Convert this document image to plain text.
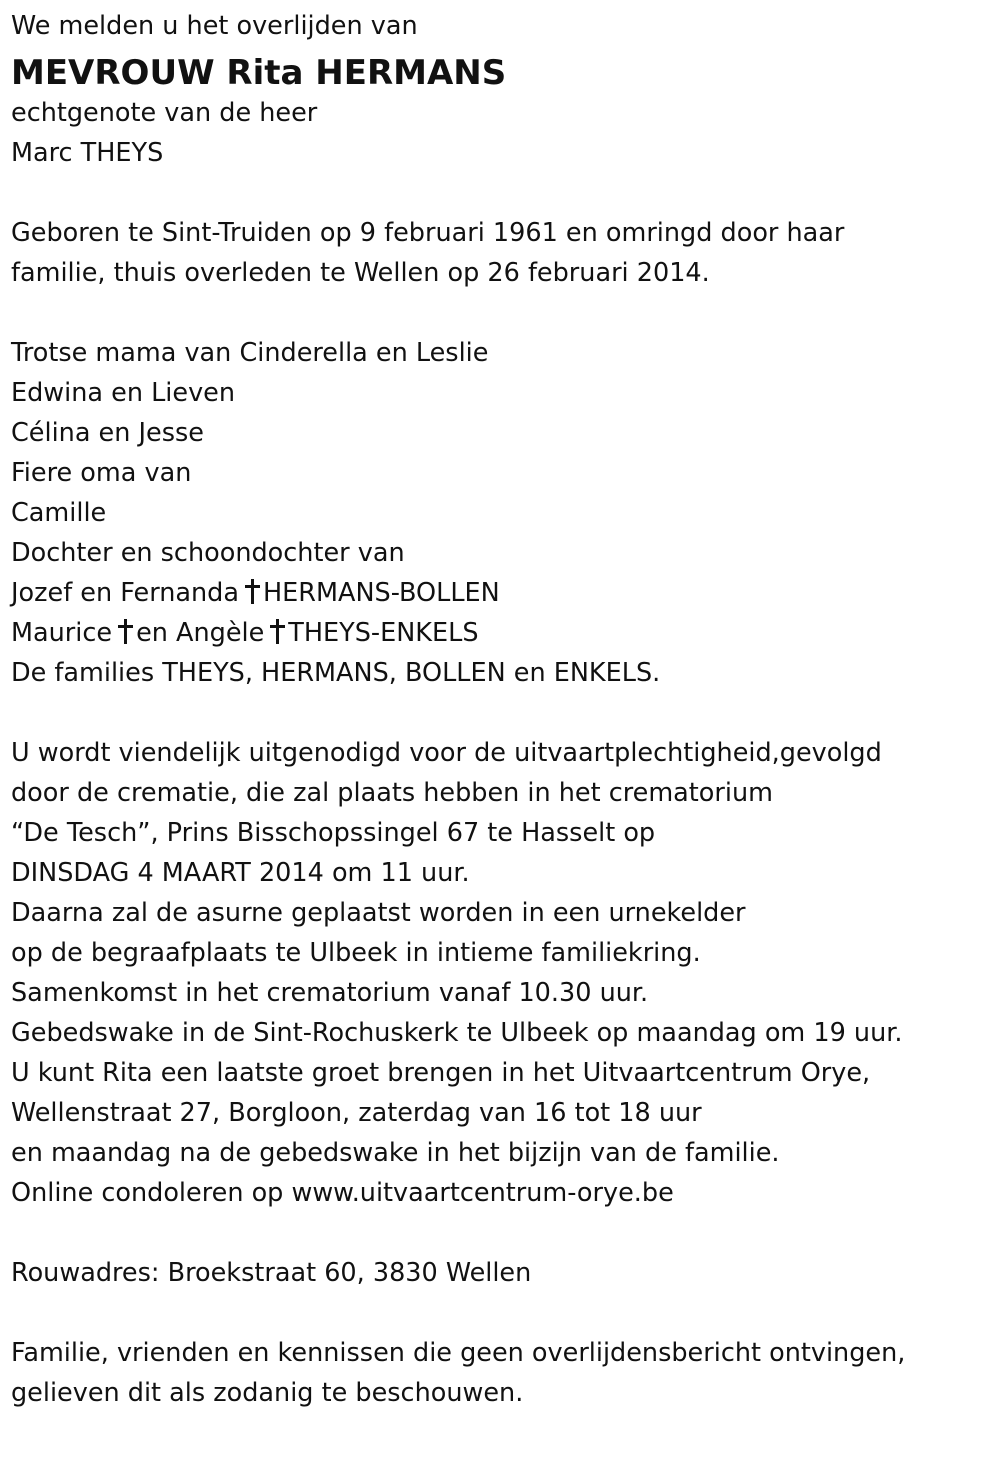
We melden u het overlijden van
MEVROUW Rita HERMANS
echtgenote van de heer
Marc THEYS
Geboren te Sint-Truiden op 9 februari 1961 en omringd door haar
familie, thuis overleden te Wellen op 26 februari 2014.
Trotse mama van Cinderella en Leslie
Edwina en Lieven
Célina en Jesse
Fiere oma van
Camille
Dochter en schoondochter van
Jozef en Fernanda HERMANS-BOLLEN
Maurice en Angèle THEYS-ENKELS
De families THEYS, HERMANS, BOLLEN en ENKELS.
U wordt viendelijk uitgenodigd voor de uitvaartplechtigheid,gevolgd
door de crematie, die zal plaats hebben in het crematorium
“De Tesch”, Prins Bisschopssingel 67 te Hasselt op
DINSDAG 4 MAART 2014 om 11 uur.
Daarna zal de asurne geplaatst worden in een urnekelder
op de begraafplaats te Ulbeek in intieme familiekring.
Samenkomst in het crematorium vanaf 10.30 uur.
Gebedswake in de Sint-Rochuskerk te Ulbeek op maandag om 19 uur.
U kunt Rita een laatste groet brengen in het Uitvaartcentrum Orye,
Wellenstraat 27, Borgloon, zaterdag van 16 tot 18 uur
en maandag na de gebedswake in het bijzijn van de familie.
Online condoleren op www.uitvaartcentrum-orye.be
Rouwadres: Broekstraat 60, 3830 Wellen
Familie, vrienden en kennissen die geen overlijdensbericht ontvingen,
gelieven dit als zodanig te beschouwen.
